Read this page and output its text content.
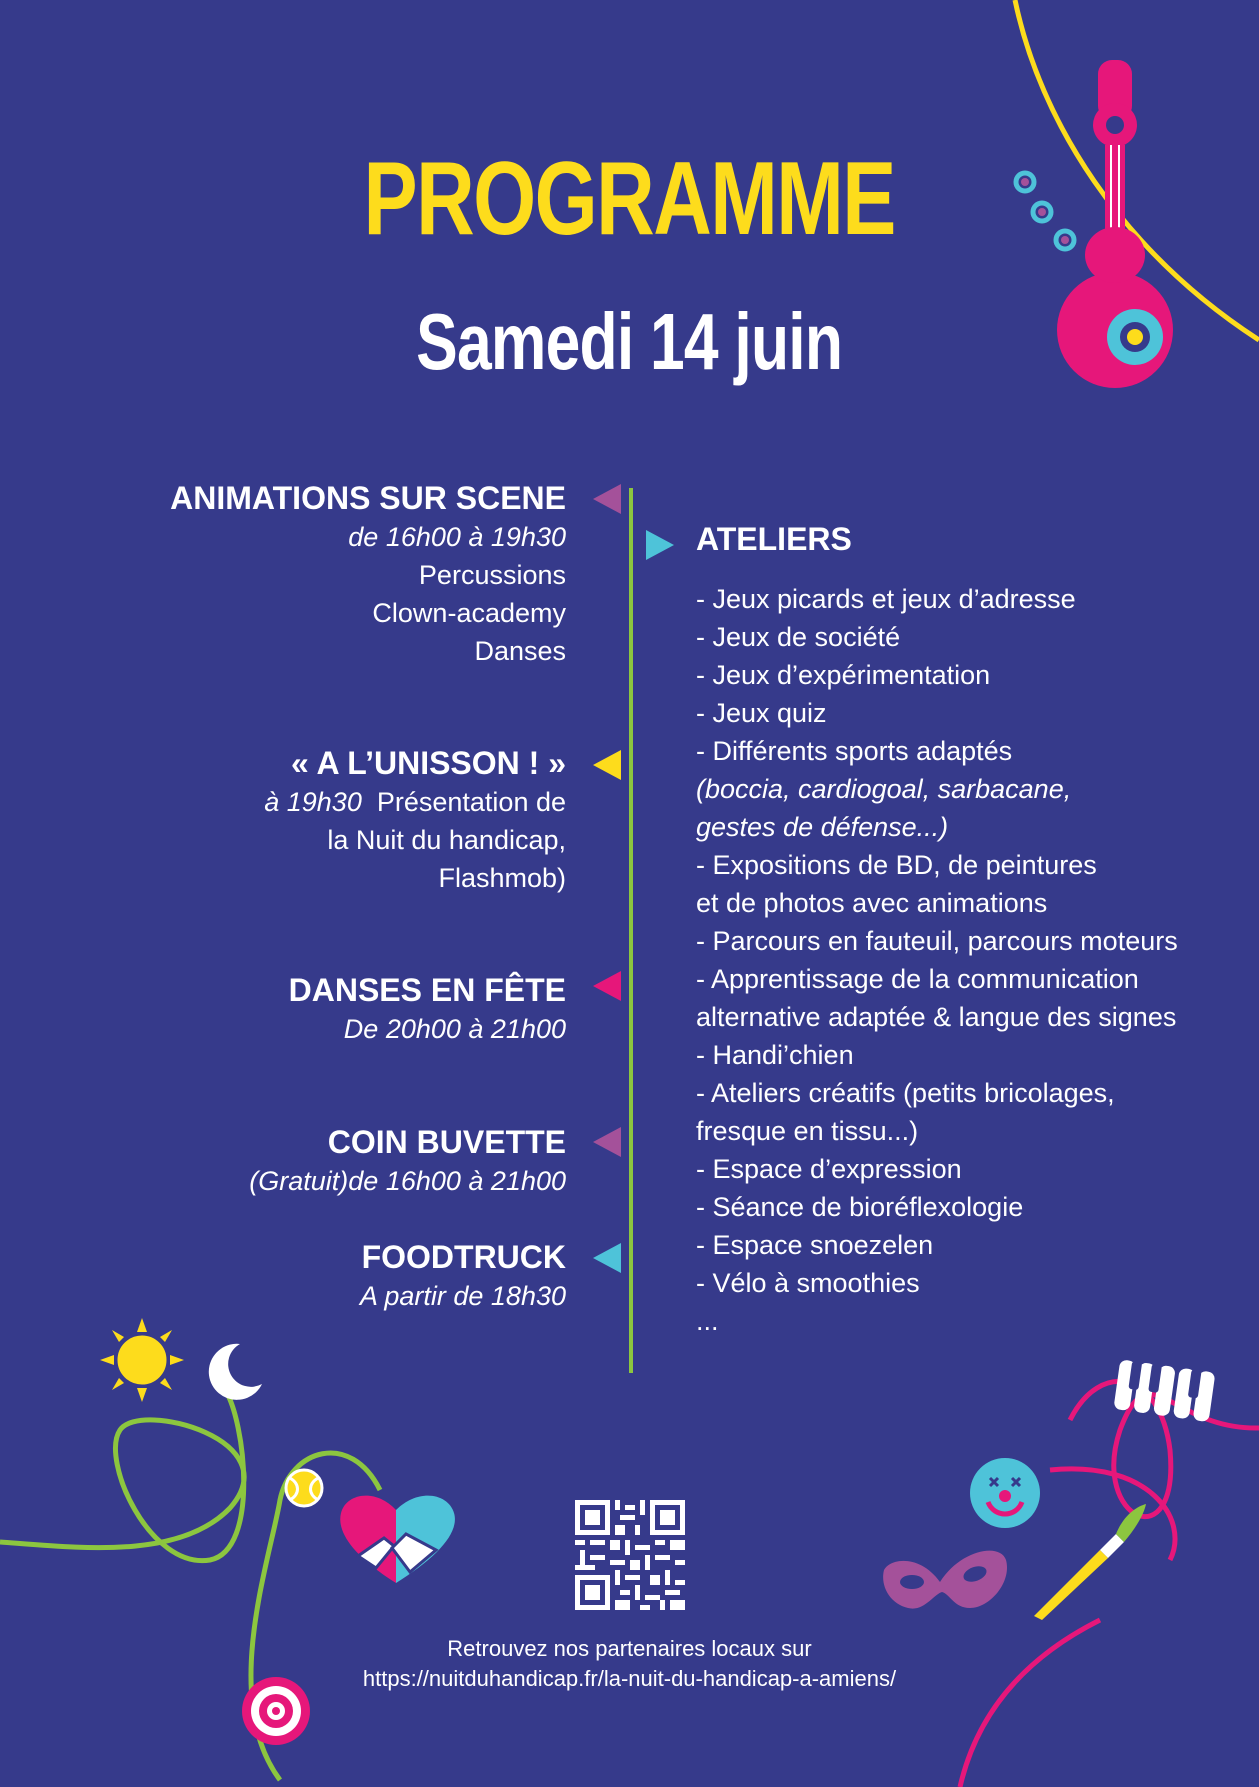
PROGRAMME
Samedi 14 juin
ANIMATIONS SUR SCENE
de 16h00 à 19h30
Percussions
Clown-academy
Danses
« A L’UNISSON ! »
à 19h30 Présentation de
la Nuit du handicap,
Flashmob)
DANSES EN FÊTE
De 20h00 à 21h00
COIN BUVETTE
(Gratuit)de 16h00 à 21h00
FOODTRUCK
A partir de 18h30
ATELIERS
- Jeux picards et jeux d’adresse
- Jeux de société
- Jeux d’expérimentation
- Jeux quiz
- Différents sports adaptés
(boccia, cardiogoal, sarbacane,
gestes de défense...)
- Expositions de BD, de peintures
et de photos avec animations
- Parcours en fauteuil, parcours moteurs
- Apprentissage de la communication
alternative adaptée & langue des signes
- Handi’chien
- Ateliers créatifs (petits bricolages,
fresque en tissu...)
- Espace d’expression
- Séance de bioréflexologie
- Espace snoezelen
- Vélo à smoothies
...
Retrouvez nos partenaires locaux sur
https://nuitduhandicap.fr/la-nuit-du-handicap-a-amiens/
